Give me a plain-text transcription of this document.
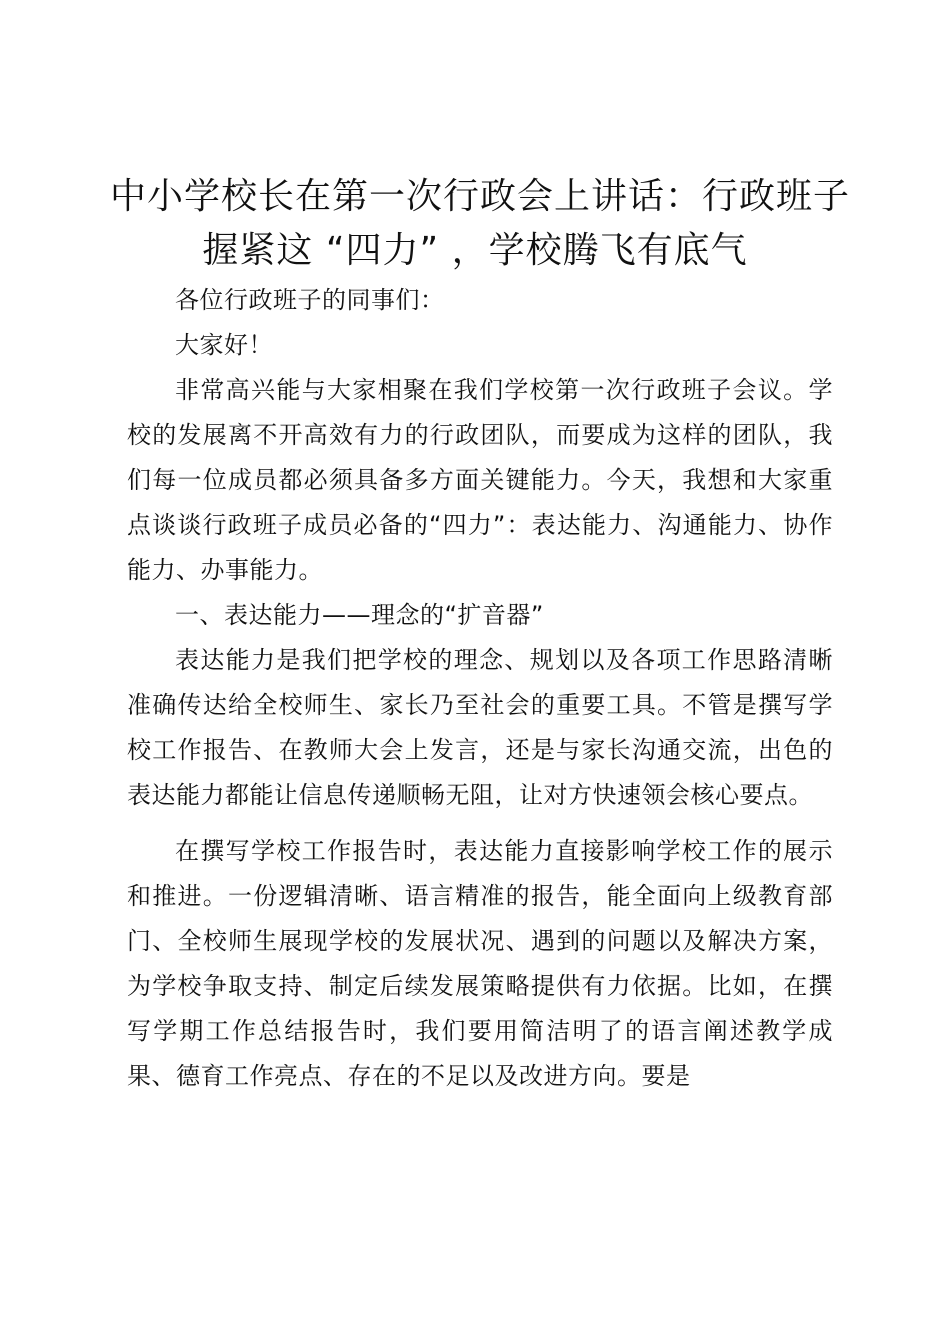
中小学校长在第一次行政会上讲话：行政班子
握紧这 “四力” ，学校腾飞有底气

各位行政班子的同事们：

大家好！

非常高兴能与大家相聚在我们学校第一次行政班子会议。学校的发展离不开高效有力的行政团队，而要成为这样的团队，我们每一位成员都必须具备多方面关键能力。今天，我想和大家重点谈谈行政班子成员必备的“四力”：表达能力、沟通能力、协作能力、办事能力。

一、表达能力——理念的“扩音器”

表达能力是我们把学校的理念、规划以及各项工作思路清晰准确传达给全校师生、家长乃至社会的重要工具。不管是撰写学校工作报告、在教师大会上发言，还是与家长沟通交流，出色的表达能力都能让信息传递顺畅无阻，让对方快速领会核心要点。

在撰写学校工作报告时，表达能力直接影响学校工作的展示和推进。一份逻辑清晰、语言精准的报告，能全面向上级教育部门、全校师生展现学校的发展状况、遇到的问题以及解决方案，为学校争取支持、制定后续发展策略提供有力依据。比如，在撰写学期工作总结报告时，我们要用简洁明了的语言阐述教学成果、德育工作亮点、存在的不足以及改进方向。要是
